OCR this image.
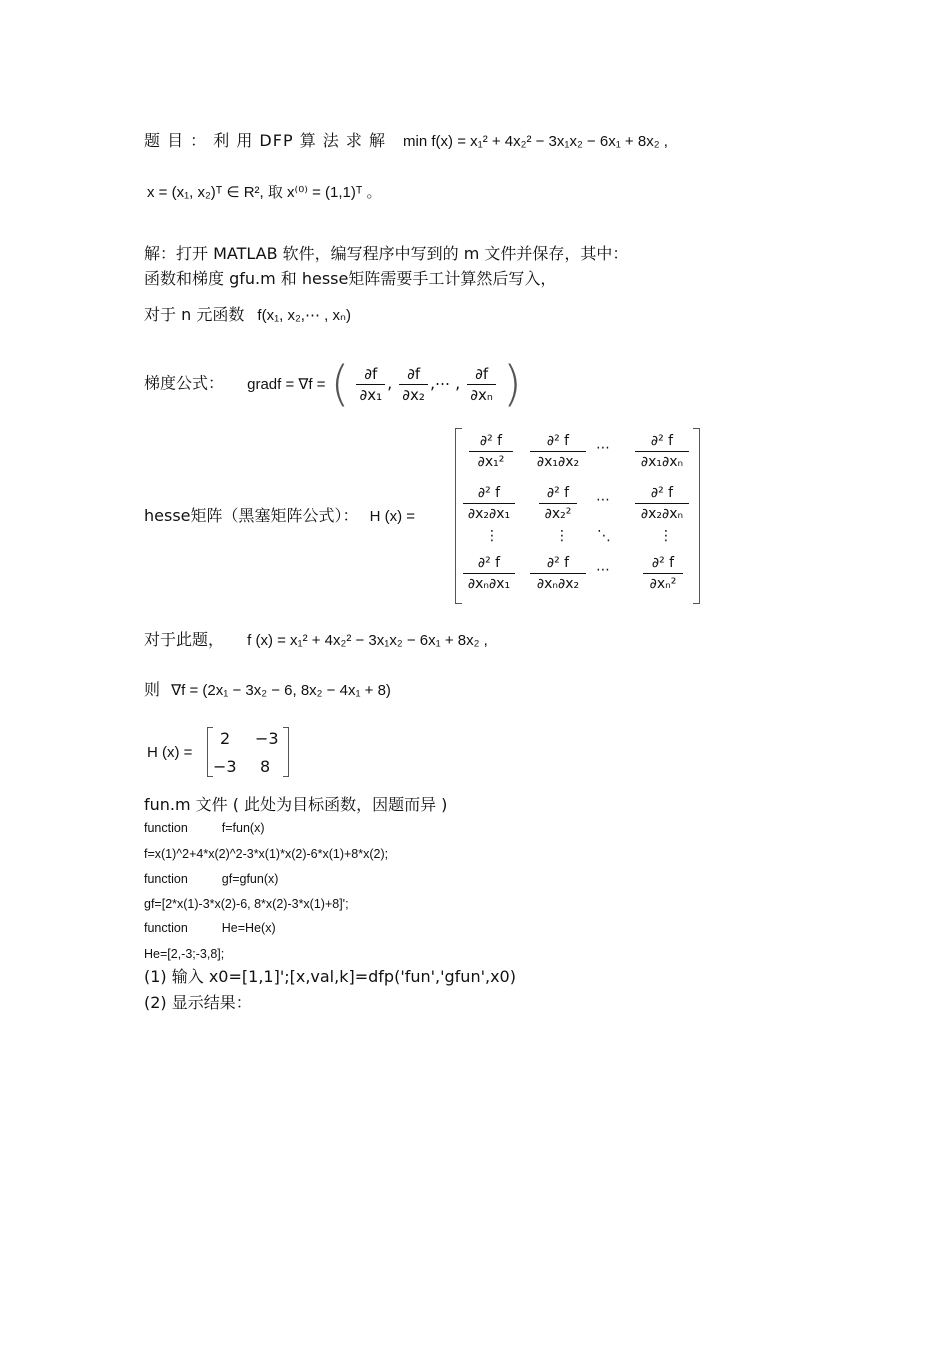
题 目 ： 利 用 DFP 算 法 求 解 min f(x) = x₁² + 4x₂² − 3x₁x₂ − 6x₁ + 8x₂ ,
x = (x₁, x₂)ᵀ ∈ R², 取 x⁽⁰⁾ = (1,1)ᵀ 。
解：打开 MATLAB 软件，编写程序中写到的 m 文件并保存，其中：
函数和梯度 gfu.m 和 hesse矩阵需要手工计算然后写入，
对于 n 元函数 f(x₁, x₂,⋯ , xₙ)
梯度公式： gradf = ∇f = ( $\frac{\partial f}{\text{∂x₁}}$ , $\frac{\partial f}{\text{∂x₂}}$ ,⋯ , $\frac{\partial f}{\text{∂xₙ}}$ )
hesse矩阵（黑塞矩阵公式）： H (x) =
$\frac{\text{∂² f}}{\text{∂x₁²}} \frac{\text{∂² f}}{\text{∂x₁∂x₂}}$ ⋯ $\frac{\text{∂² f}}{\text{∂x₁∂xₙ}}$
$\frac{\text{∂² f}}{\text{∂x₂∂x₁}} \frac{\text{∂² f}}{\text{∂x₂²}}$ ⋯ $\frac{\text{∂² f}}{\text{∂x₂∂xₙ}}$
⋮	⋮ ⋱	⋮
$\frac{\text{∂² f}}{\text{∂xₙ∂x₁}} \frac{\text{∂² f}}{\text{∂xₙ∂x₂}}$ ⋯ $\frac{\text{∂² f}}{\text{∂xₙ²}}$
对于此题， f (x) = x₁² + 4x₂² − 3x₁x₂ − 6x₁ + 8x₂ ,
则 ∇f = (2x₁ − 3x₂ − 6, 8x₂ − 4x₁ + 8)
H (x) =
2 −3
−3 8
fun.m 文件 ( 此处为目标函数，因题而异 )
function	f=fun(x)
f=x(1)^2+4*x(2)^2-3*x(1)*x(2)-6*x(1)+8*x(2);
function	gf=gfun(x)
gf=[2*x(1)-3*x(2)-6, 8*x(2)-3*x(1)+8]';
function	He=He(x)
He=[2,-3;-3,8];
(1) 输入 x0=[1,1]';[x,val,k]=dfp('fun','gfun',x0)
(2) 显示结果：
